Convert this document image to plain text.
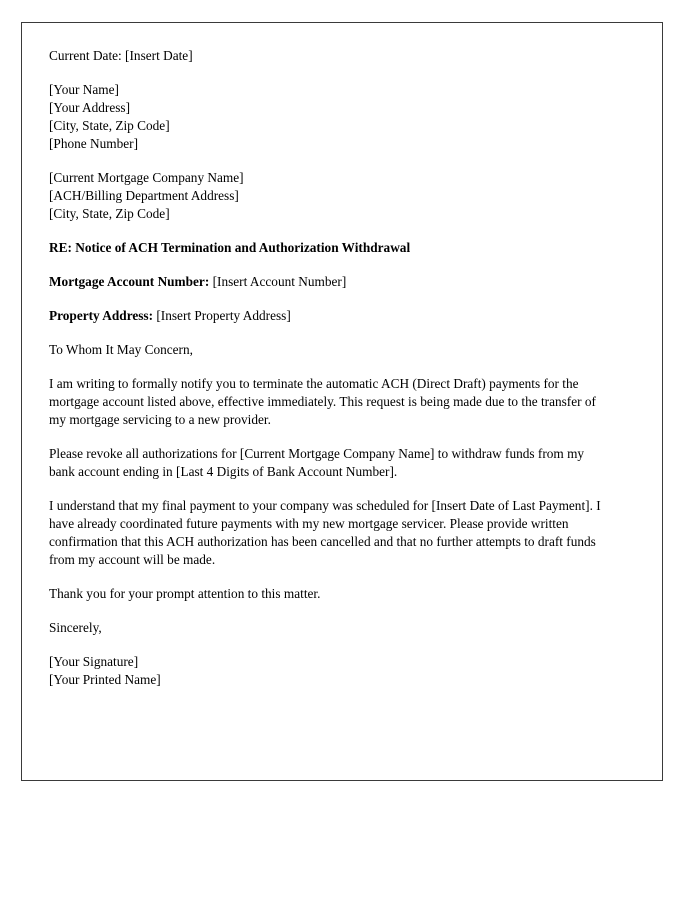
Current Date: [Insert Date]
[Your Name]
[Your Address]
[City, State, Zip Code]
[Phone Number]
[Current Mortgage Company Name]
[ACH/Billing Department Address]
[City, State, Zip Code]
RE: Notice of ACH Termination and Authorization Withdrawal
Mortgage Account Number: [Insert Account Number]
Property Address: [Insert Property Address]
To Whom It May Concern,

I am writing to formally notify you to terminate the automatic ACH (Direct Draft) payments for the mortgage account listed above, effective immediately. This request is being made due to the transfer of my mortgage servicing to a new provider.

Please revoke all authorizations for [Current Mortgage Company Name] to withdraw funds from my bank account ending in [Last 4 Digits of Bank Account Number].

I understand that my final payment to your company was scheduled for [Insert Date of Last Payment]. I have already coordinated future payments with my new mortgage servicer. Please provide written confirmation that this ACH authorization has been cancelled and that no further attempts to draft funds from my account will be made.

Thank you for your prompt attention to this matter.

Sincerely,
[Your Signature]
[Your Printed Name]
